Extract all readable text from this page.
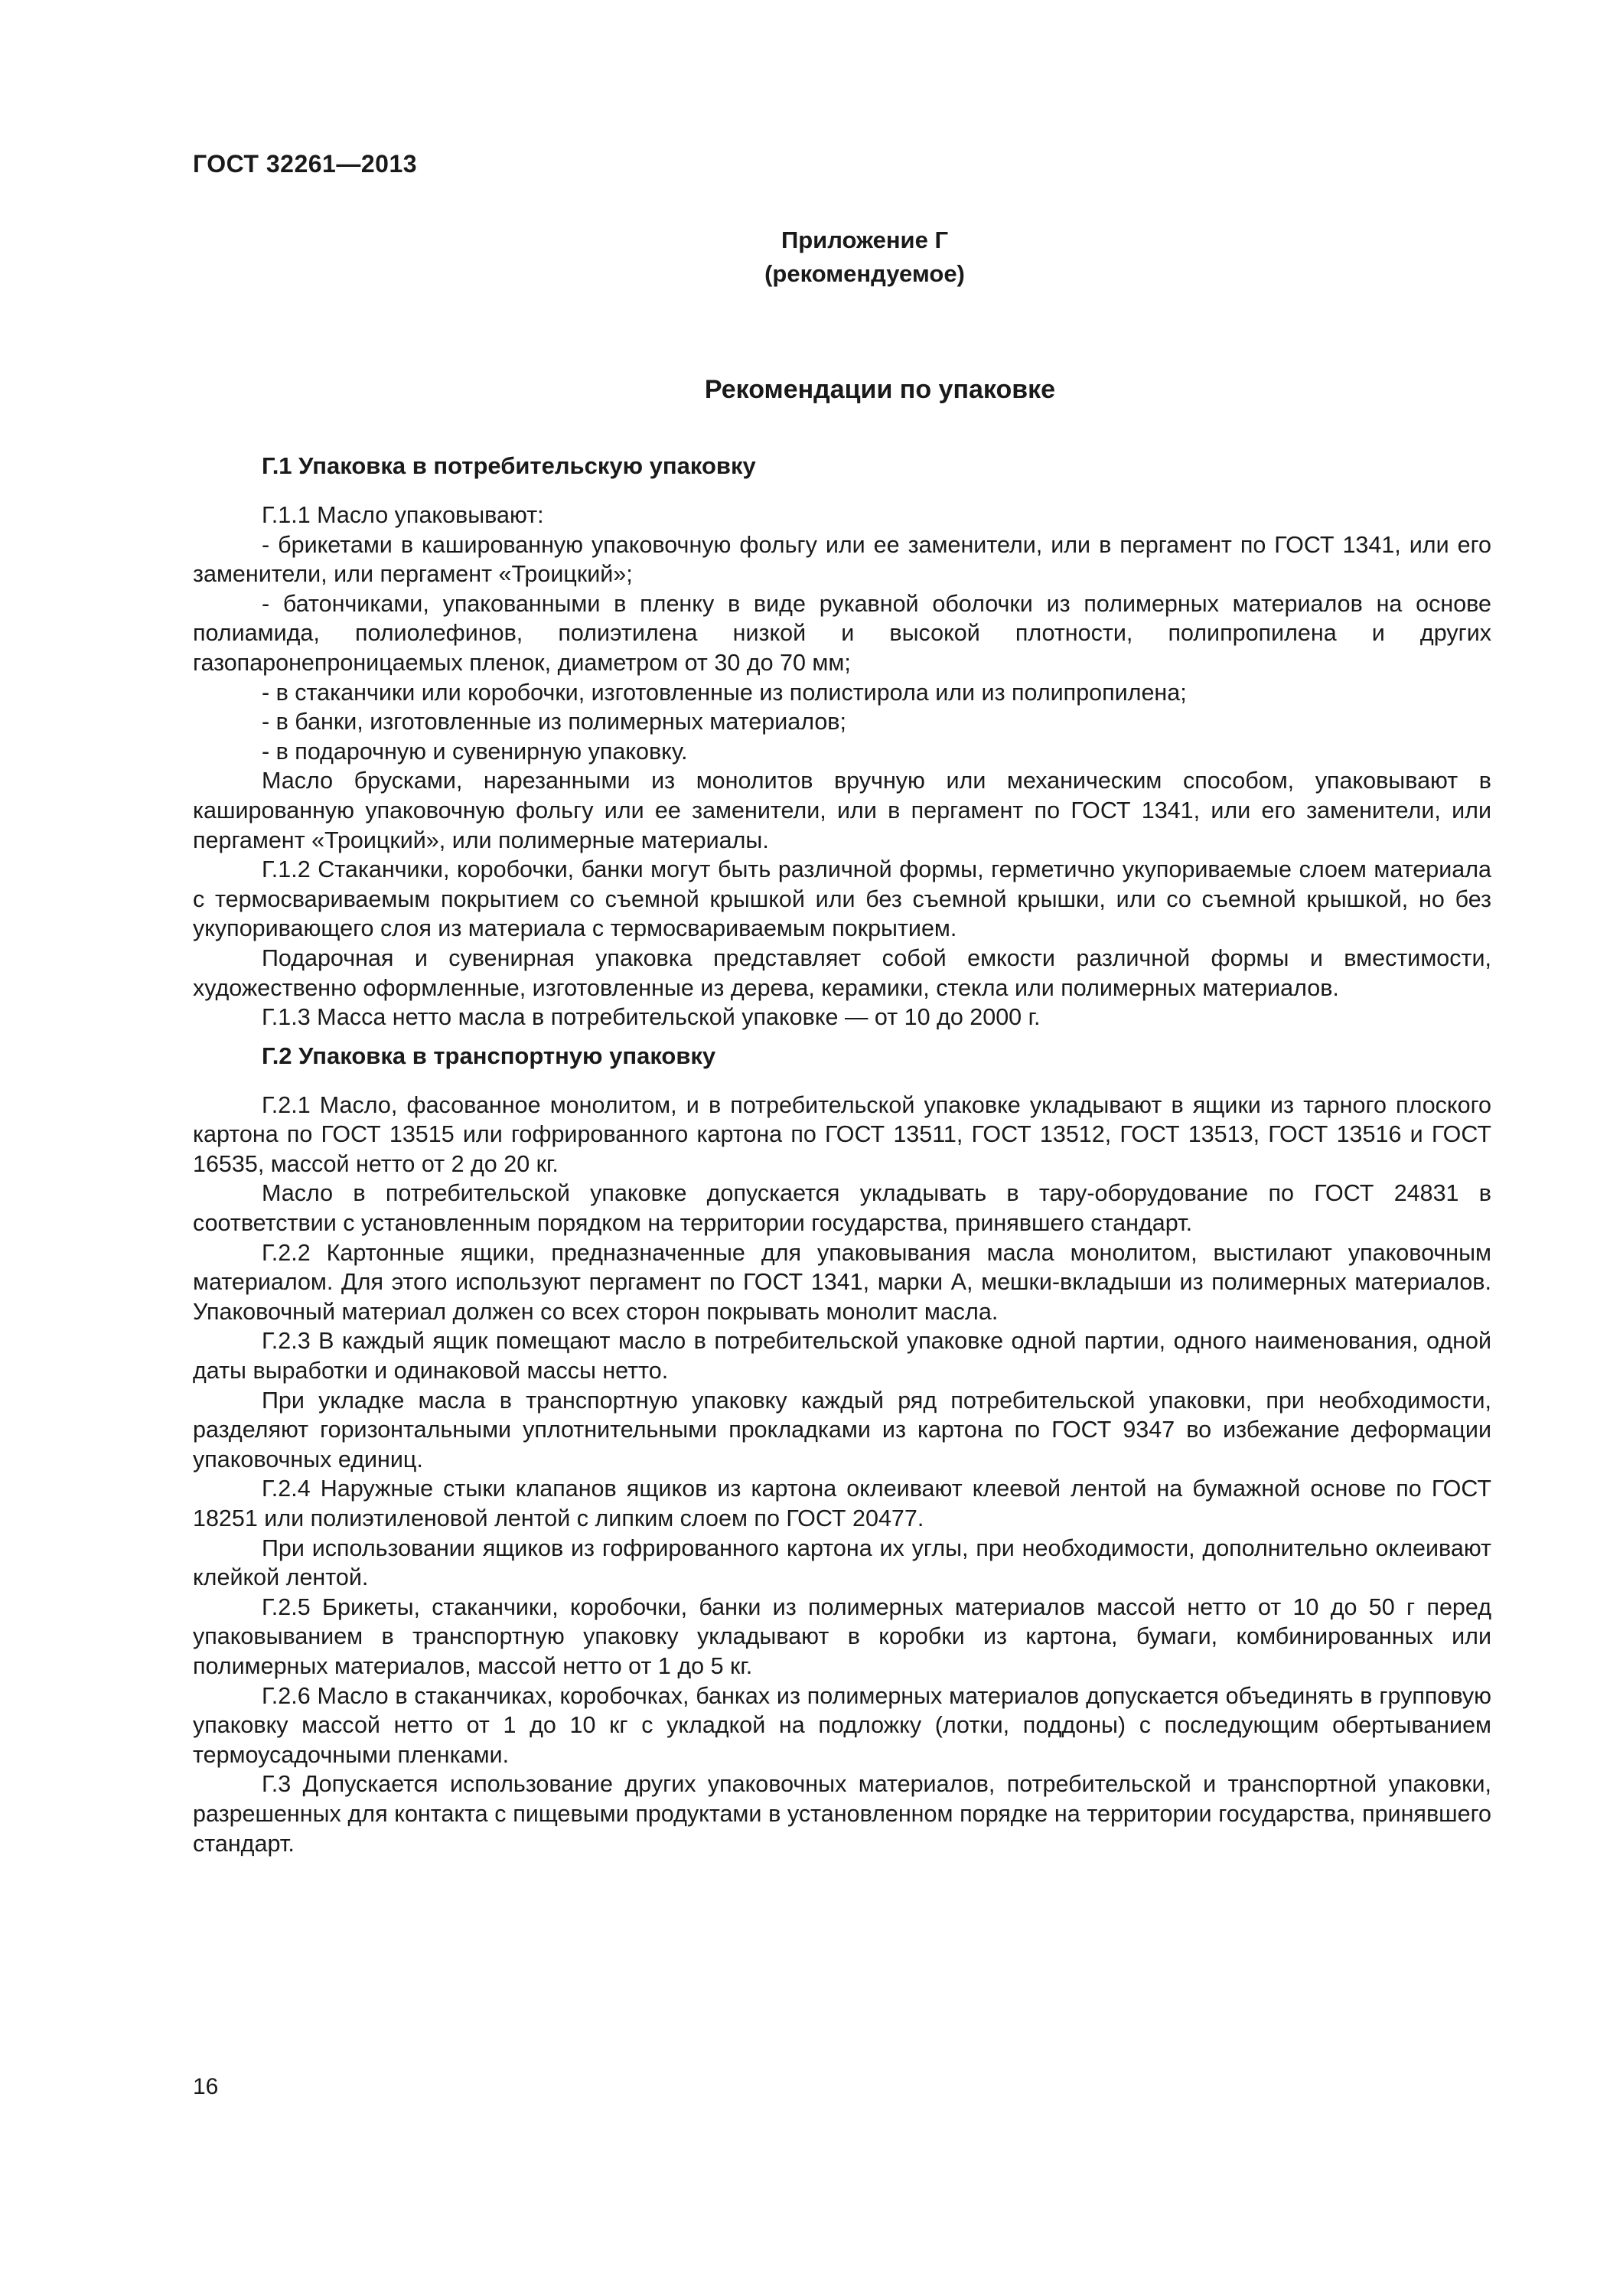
ГОСТ 32261—2013
Приложение Г
(рекомендуемое)
Рекомендации по упаковке
Г.1 Упаковка в потребительскую упаковку

Г.1.1 Масло упаковывают:

- брикетами в кашированную упаковочную фольгу или ее заменители, или в пергамент по ГОСТ 1341, или его заменители, или пергамент «Троицкий»;

- батончиками, упакованными в пленку в виде рукавной оболочки из полимерных материалов на основе полиамида, полиолефинов, полиэтилена низкой и высокой плотности, полипропилена и других газопаронепроницаемых пленок, диаметром от 30 до 70 мм;

- в стаканчики или коробочки, изготовленные из полистирола или из полипропилена;

- в банки, изготовленные из полимерных материалов;

- в подарочную и сувенирную упаковку.

Масло брусками, нарезанными из монолитов вручную или механическим способом, упаковывают в кашированную упаковочную фольгу или ее заменители, или в пергамент по ГОСТ 1341, или его заменители, или пергамент «Троицкий», или полимерные материалы.

Г.1.2 Стаканчики, коробочки, банки могут быть различной формы, герметично укупориваемые слоем материала с термосвариваемым покрытием со съемной крышкой или без съемной крышки, или со съемной крышкой, но без укупоривающего слоя из материала с термосвариваемым покрытием.

Подарочная и сувенирная упаковка представляет собой емкости различной формы и вместимости, художественно оформленные, изготовленные из дерева, керамики, стекла или полимерных материалов.

Г.1.3 Масса нетто масла в потребительской упаковке — от 10 до 2000 г.

Г.2 Упаковка в транспортную упаковку

Г.2.1 Масло, фасованное монолитом, и в потребительской упаковке укладывают в ящики из тарного плоского картона по ГОСТ 13515 или гофрированного картона по ГОСТ 13511, ГОСТ 13512, ГОСТ 13513, ГОСТ 13516 и ГОСТ 16535, массой нетто от 2 до 20 кг.

Масло в потребительской упаковке допускается укладывать в тару-оборудование по ГОСТ 24831 в соответствии с установленным порядком на территории государства, принявшего стандарт.

Г.2.2 Картонные ящики, предназначенные для упаковывания масла монолитом, выстилают упаковочным материалом. Для этого используют пергамент по ГОСТ 1341, марки А, мешки-вкладыши из полимерных материалов. Упаковочный материал должен со всех сторон покрывать монолит масла.

Г.2.3 В каждый ящик помещают масло в потребительской упаковке одной партии, одного наименования, одной даты выработки и одинаковой массы нетто.

При укладке масла в транспортную упаковку каждый ряд потребительской упаковки, при необходимости, разделяют горизонтальными уплотнительными прокладками из картона по ГОСТ 9347 во избежание деформации упаковочных единиц.

Г.2.4 Наружные стыки клапанов ящиков из картона оклеивают клеевой лентой на бумажной основе по ГОСТ 18251 или полиэтиленовой лентой с липким слоем по ГОСТ 20477.

При использовании ящиков из гофрированного картона их углы, при необходимости, дополнительно оклеивают клейкой лентой.

Г.2.5 Брикеты, стаканчики, коробочки, банки из полимерных материалов массой нетто от 10 до 50 г перед упаковыванием в транспортную упаковку укладывают в коробки из картона, бумаги, комбинированных или полимерных материалов, массой нетто от 1 до 5 кг.

Г.2.6 Масло в стаканчиках, коробочках, банках из полимерных материалов допускается объединять в групповую упаковку массой нетто от 1 до 10 кг с укладкой на подложку (лотки, поддоны) с последующим обертыванием термоусадочными пленками.

Г.3 Допускается использование других упаковочных материалов, потребительской и транспортной упаковки, разрешенных для контакта с пищевыми продуктами в установленном порядке на территории государства, принявшего стандарт.

16
